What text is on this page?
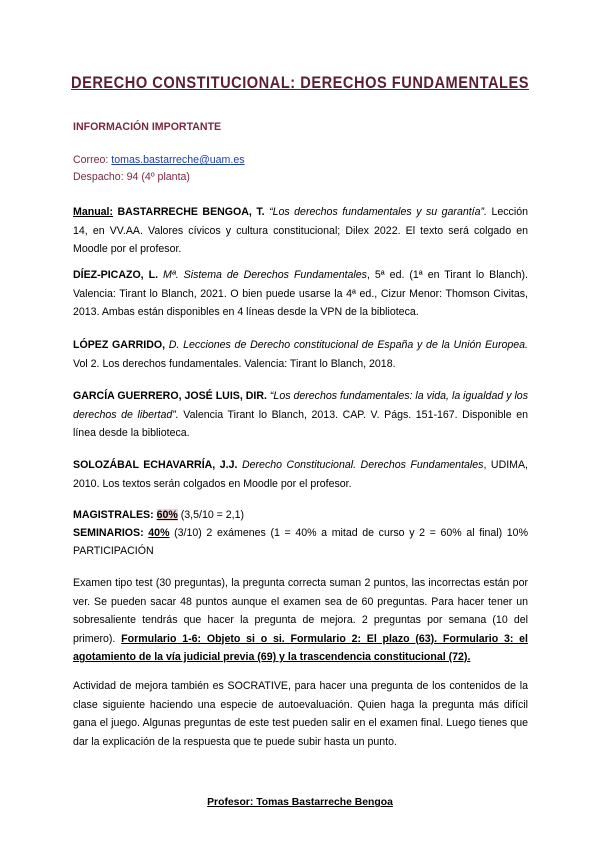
DERECHO CONSTITUCIONAL: DERECHOS FUNDAMENTALES
INFORMACIÓN IMPORTANTE
Correo: tomas.bastarreche@uam.es
Despacho: 94 (4º planta)
Manual: BASTARRECHE BENGOA, T. “Los derechos fundamentales y su garantía”. Lección 14, en VV.AA. Valores cívicos y cultura constitucional; Dilex 2022. El texto será colgado en Moodle por el profesor.
DÍEZ-PICAZO, L. Mª. Sistema de Derechos Fundamentales, 5ª ed. (1ª en Tirant lo Blanch). Valencia: Tirant lo Blanch, 2021. O bien puede usarse la 4ª ed., Cizur Menor: Thomson Civitas, 2013. Ambas están disponibles en 4 líneas desde la VPN de la biblioteca.
LÓPEZ GARRIDO, D. Lecciones de Derecho constitucional de España y de la Unión Europea. Vol 2. Los derechos fundamentales. Valencia: Tirant lo Blanch, 2018.
GARCÍA GUERRERO, JOSÉ LUIS, DIR. “Los derechos fundamentales: la vida, la igualdad y los derechos de libertad”. Valencia Tirant lo Blanch, 2013. CAP. V. Págs. 151-167. Disponible en línea desde la biblioteca.
SOLOZÁBAL ECHAVARRÍA, J.J. Derecho Constitucional. Derechos Fundamentales, UDIMA, 2010. Los textos serán colgados en Moodle por el profesor.
MAGISTRALES: 60% (3,5/10 = 2,1)
SEMINARIOS: 40% (3/10) 2 exámenes (1 = 40% a mitad de curso y 2 = 60% al final) 10% PARTICIPACIÓN
Examen tipo test (30 preguntas), la pregunta correcta suman 2 puntos, las incorrectas están por ver. Se pueden sacar 48 puntos aunque el examen sea de 60 preguntas. Para hacer tener un sobresaliente tendrás que hacer la pregunta de mejora. 2 preguntas por semana (10 del primero). Formulario 1-6: Objeto si o si. Formulario 2: El plazo (63). Formulario 3: el agotamiento de la vía judicial previa (69) y la trascendencia constitucional (72).
Actividad de mejora también es SOCRATIVE, para hacer una pregunta de los contenidos de la clase siguiente haciendo una especie de autoevaluación. Quien haga la pregunta más difícil gana el juego. Algunas preguntas de este test pueden salir en el examen final. Luego tienes que dar la explicación de la respuesta que te puede subir hasta un punto.
Profesor: Tomas Bastarreche Bengoa
